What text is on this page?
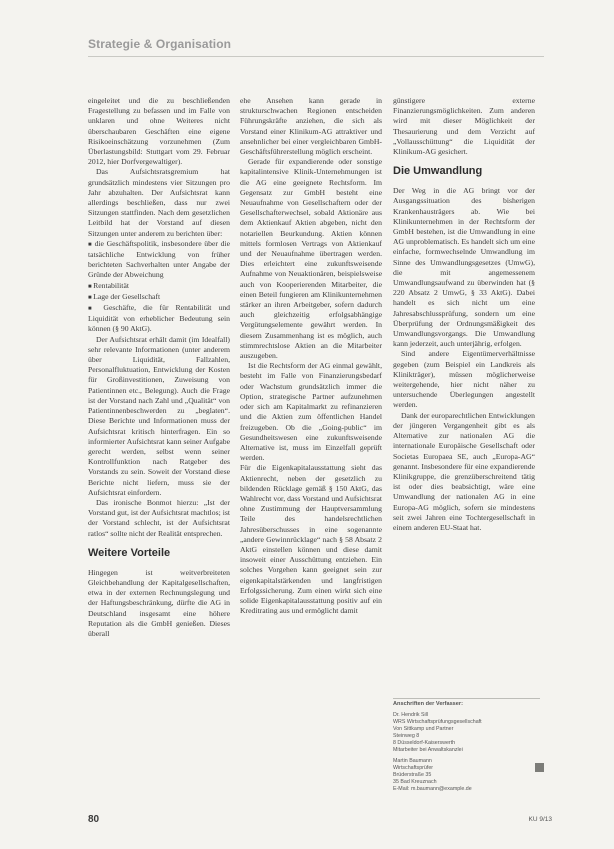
Strategie & Organisation

eingeleitet und die zu beschließenden Fragestellung zu befassen und im Falle von unklaren und ohne Weiteres nicht überschaubaren Geschäften eine eigene Risikoeinschätzung vorzunehmen (Zum Überlastungsbild: Stuttgart vom 29. Februar 2012, hier Dorfvergewaltiger).

Das Aufsichtsratsgremium hat grundsätzlich mindestens vier Sitzungen pro Jahr abzuhalten. Der Aufsichtsrat kann allerdings beschließen, dass nur zwei Sitzungen stattfinden. Nach dem gesetzlichen Leitbild hat der Vorstand auf diesen Sitzungen unter anderem zu berichten über:

■ die Geschäftspolitik, insbesondere über die tatsächliche Entwicklung von früher berichteten Sachverhalten unter Angabe der Gründe der Abweichung

■ Rentabilität

■ Lage der Gesellschaft

■ Geschäfte, die für Rentabilität und Liquidität von erheblicher Bedeutung sein können (§ 90 AktG).

Der Aufsichtsrat erhält damit (im Idealfall) sehr relevante Informationen (unter anderem über Liquidität, Fallzahlen, Personalfluktuation, Entwicklung der Kosten für Großinvestitionen, Zuweisung von Patientinnen etc., Belegung). Auch die Frage ist der Vorstand nach Zahl und „Qualität“ von Patientinnenbeschwerden zu „beglaten“. Diese Berichte und Informationen muss der Aufsichtsrat kritisch hinterfragen. Ein so informierter Aufsichtsrat kann seiner Aufgabe gerecht werden, selbst wenn seiner Kontrollfunktion nach Ratgeber des Vorstands zu sein. Soweit der Vorstand diese Berichte nicht liefern, muss sie der Aufsichtsrat einfordern.

Das ironische Bonmot hierzu: „Ist der Vorstand gut, ist der Aufsichtsrat machtlos; ist der Vorstand schlecht, ist der Aufsichtsrat ratlos“ sollte nicht der Realität entsprechen.

Weitere Vorteile

Hingegen ist weitverbreiteten Gleichbehandlung der Kapitalgesellschaften, etwa in der externen Rechnungslegung und der Haftungsbeschränkung, dürfte die AG in Deutschland insgesamt eine höhere Reputation als die GmbH genießen. Dieses überall

ehe Ansehen kann gerade in strukturschwachen Regionen entscheiden Führungskräfte anziehen, die sich als Vorstand einer Klinikum-AG attraktiver und ansehnlicher bei einer vergleichbaren GmbH-Geschäftsführerstellung möglich erscheint.

Gerade für expandierende oder sonstige kapitalintensive Klinik-Unternehmungen ist die AG eine geeignete Rechtsform. Im Gegensatz zur GmbH besteht eine Neuaufnahme von Gesellschaftern oder der Gesellschafterwechsel, sobald Aktionäre aus dem Aktienkauf Aktien abgeben, nicht den notariellen Beurkundung. Aktien können mittels formlosen Vertrags von Aktienkauf und der Neuaufnahme übertragen werden. Dies erleichtert eine zukunftsweisende Aufnahme von Neuaktionären, beispielsweise auch von Kooperierenden Mitarbeiter, die einen Beteil fungieren am Klinikunternehmen stärker an ihren Arbeitgeber, sofern dadurch auch gleichzeitig erfolgsabhängige Vergütungselemente gewährt werden. In diesem Zusammenhang ist es möglich, auch stimmrechtslose Aktien an die Mitarbeiter auszugeben.

Ist die Rechtsform der AG einmal gewählt, besteht im Falle von Finanzierungsbedarf oder Wachstum grundsätzlich immer die Option, strategische Partner aufzunehmen oder sich am Kapitalmarkt zu refinanzieren und die Aktien zum öffentlichen Handel freizugeben. Ob die „Going-public“ im Gesundheitswesen eine zukunftsweisende Alternative ist, muss im Einzelfall geprüft werden.

Für die Eigenkapitalausstattung sieht das Aktienrecht, neben der gesetzlich zu bildenden Rücklage gemäß § 150 AktG, das Wahlrecht vor, dass Vorstand und Aufsichtsrat ohne Zustimmung der Hauptversammlung Teile des handelsrechtlichen Jahresüberschusses in eine sogenannte „andere Gewinnrücklage“ nach § 58 Absatz 2 AktG einstellen können und diese damit insoweit einer Ausschüttung entziehen. Ein solches Vorgehen kann geeignet sein zur eigenkapitalstärkenden und langfristigen Erfolgssicherung. Zum einen wirkt sich eine solide Eigenkapitalausstattung positiv auf ein Kreditrating aus und ermöglicht damit

günstigere externe Finanzierungsmöglichkeiten. Zum anderen wird mit dieser Möglichkeit der Thesaurierung und dem Verzicht auf „Vollausschüttung“ die Liquidität der Klinikum-AG gesichert.

Die Umwandlung

Der Weg in die AG bringt vor der Ausgangssituation des bisherigen Krankenhausträgers ab. Wie bei Klinikunternehmen in der Rechtsform der GmbH bestehen, ist die Umwandlung in eine AG unproblematisch. Es handelt sich um eine einfache, formwechselnde Umwandlung im Sinne des Umwandlungsgesetzes (UmwG), die mit angemessenem Umwandlungsaufwand zu überwinden hat (§ 220 Absatz 2 UmwG, § 33 AktG). Dabei handelt es sich nicht um eine Jahresabschlussprüfung, sondern um eine Überprüfung der Ordnungsmäßigkeit des Umwandlungsvorgangs. Die Umwandlung kann jederzeit, auch unterjährig, erfolgen.

Sind andere Eigentümerverhältnisse gegeben (zum Beispiel ein Landkreis als Klinikträger), müssen möglicherweise weitergehende, hier nicht näher zu untersuchende Überlegungen angestellt werden.

Dank der europarechtlichen Entwicklungen der jüngeren Vergangenheit gibt es als Alternative zur nationalen AG die internationale Europäische Gesellschaft oder Societas Europaea SE, auch „Europa-AG“ genannt. Insbesondere für eine expandierende Klinikgruppe, die grenzüberschreitend tätig ist oder dies beabsichtigt, wäre eine Umwandlung der nationalen AG in eine Europa-AG möglich, sofern sie mindestens seit zwei Jahren eine Tochtergesellschaft in einem anderen EU-Staat hat.

Anschriften der Verfasser:
Dr. Hendrik Sill
WRS Wirtschaftsprüfungsgesellschaft
Von Sittkamp und Partner
Steinweg 8
8 Düsseldorf-Kaiserswerth
Mitarbeiter bei Anwaltskanzlei
Martin Baumann
Wirtschaftsprüfer
Brüderstraße 35
35 Bad Kreuznach
E-Mail: m.baumann@example.de
80	KU 9/13
